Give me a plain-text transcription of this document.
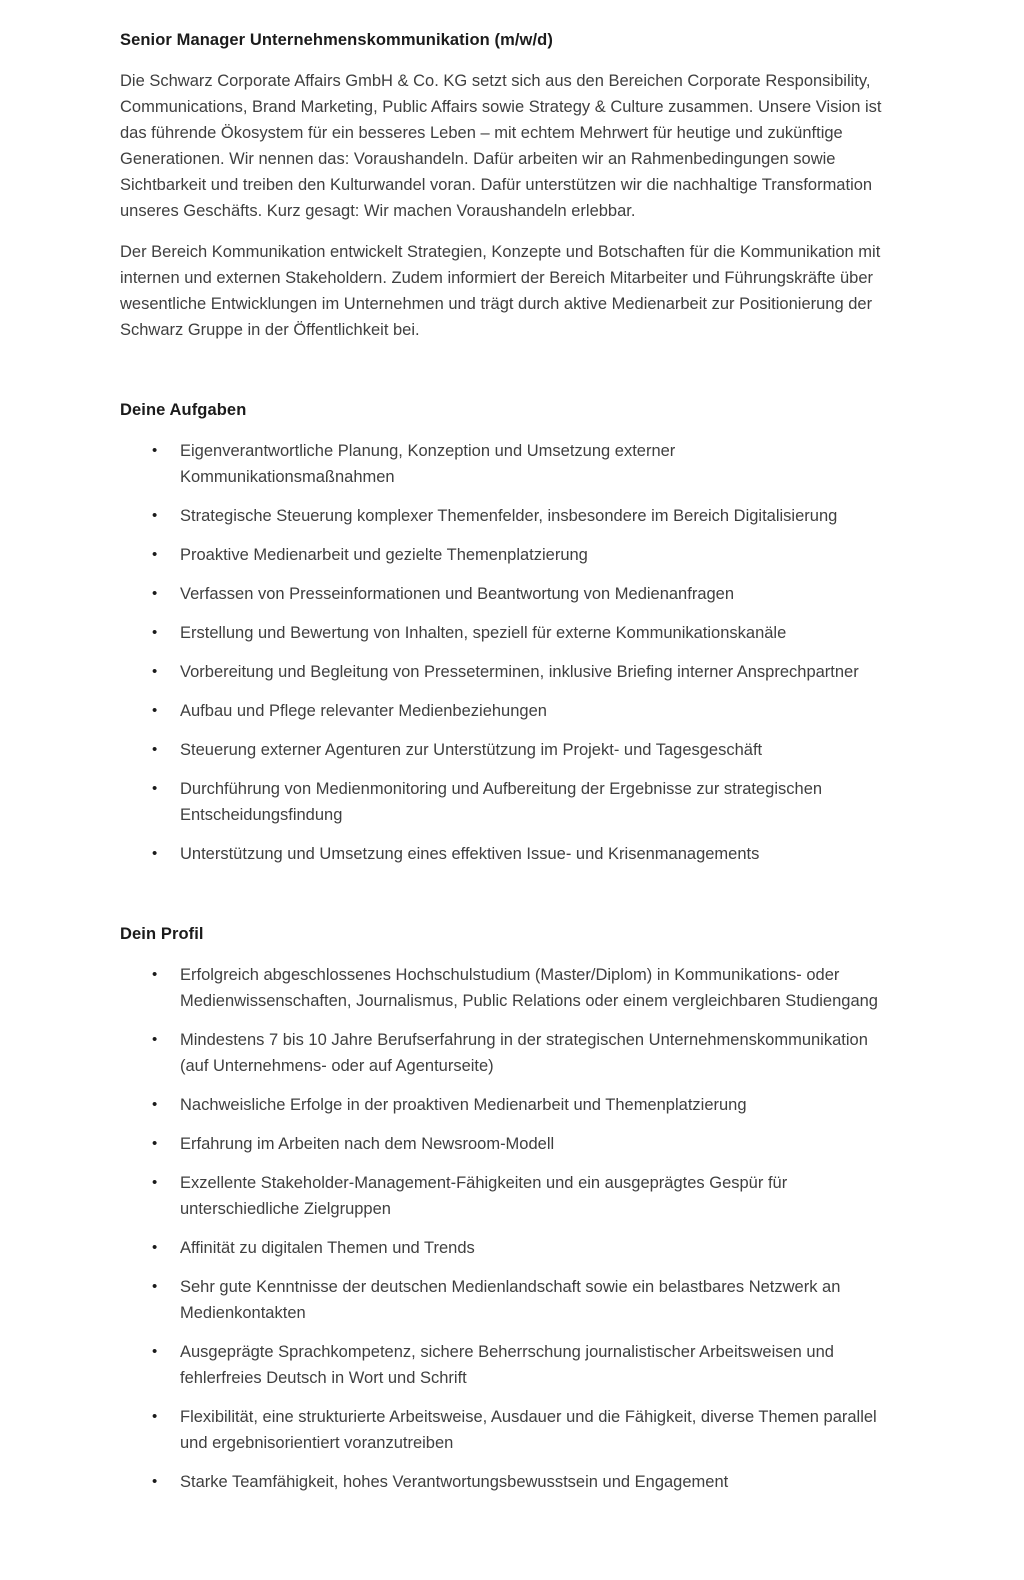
Senior Manager Unternehmenskommunikation (m/w/d)

Die Schwarz Corporate Affairs GmbH & Co. KG setzt sich aus den Bereichen Corporate Responsibility, Communications, Brand Marketing, Public Affairs sowie Strategy & Culture zusammen. Unsere Vision ist das führende Ökosystem für ein besseres Leben – mit echtem Mehrwert für heutige und zukünftige Generationen. Wir nennen das: Voraushandeln. Dafür arbeiten wir an Rahmenbedingungen sowie Sichtbarkeit und treiben den Kulturwandel voran. Dafür unterstützen wir die nachhaltige Transformation unseres Geschäfts. Kurz gesagt: Wir machen Voraushandeln erlebbar.

Der Bereich Kommunikation entwickelt Strategien, Konzepte und Botschaften für die Kommunikation mit internen und externen Stakeholdern. Zudem informiert der Bereich Mitarbeiter und Führungskräfte über wesentliche Entwicklungen im Unternehmen und trägt durch aktive Medienarbeit zur Positionierung der Schwarz Gruppe in der Öffentlichkeit bei.

Deine Aufgaben
• Eigenverantwortliche Planung, Konzeption und Umsetzung externer Kommunikationsmaßnahmen
• Strategische Steuerung komplexer Themenfelder, insbesondere im Bereich Digitalisierung
• Proaktive Medienarbeit und gezielte Themenplatzierung
• Verfassen von Presseinformationen und Beantwortung von Medienanfragen
• Erstellung und Bewertung von Inhalten, speziell für externe Kommunikationskanäle
• Vorbereitung und Begleitung von Presseterminen, inklusive Briefing interner Ansprechpartner
• Aufbau und Pflege relevanter Medienbeziehungen
• Steuerung externer Agenturen zur Unterstützung im Projekt- und Tagesgeschäft
• Durchführung von Medienmonitoring und Aufbereitung der Ergebnisse zur strategischen Entscheidungsfindung
• Unterstützung und Umsetzung eines effektiven Issue- und Krisenmanagements
Dein Profil
• Erfolgreich abgeschlossenes Hochschulstudium (Master/Diplom) in Kommunikations- oder Medienwissenschaften, Journalismus, Public Relations oder einem vergleichbaren Studiengang
• Mindestens 7 bis 10 Jahre Berufserfahrung in der strategischen Unternehmenskommunikation (auf Unternehmens- oder auf Agenturseite)
• Nachweisliche Erfolge in der proaktiven Medienarbeit und Themenplatzierung
• Erfahrung im Arbeiten nach dem Newsroom-Modell
• Exzellente Stakeholder-Management-Fähigkeiten und ein ausgeprägtes Gespür für unterschiedliche Zielgruppen
• Affinität zu digitalen Themen und Trends
• Sehr gute Kenntnisse der deutschen Medienlandschaft sowie ein belastbares Netzwerk an Medienkontakten
• Ausgeprägte Sprachkompetenz, sichere Beherrschung journalistischer Arbeitsweisen und fehlerfreies Deutsch in Wort und Schrift
• Flexibilität, eine strukturierte Arbeitsweise, Ausdauer und die Fähigkeit, diverse Themen parallel und ergebnisorientiert voranzutreiben
• Starke Teamfähigkeit, hohes Verantwortungsbewusstsein und Engagement
